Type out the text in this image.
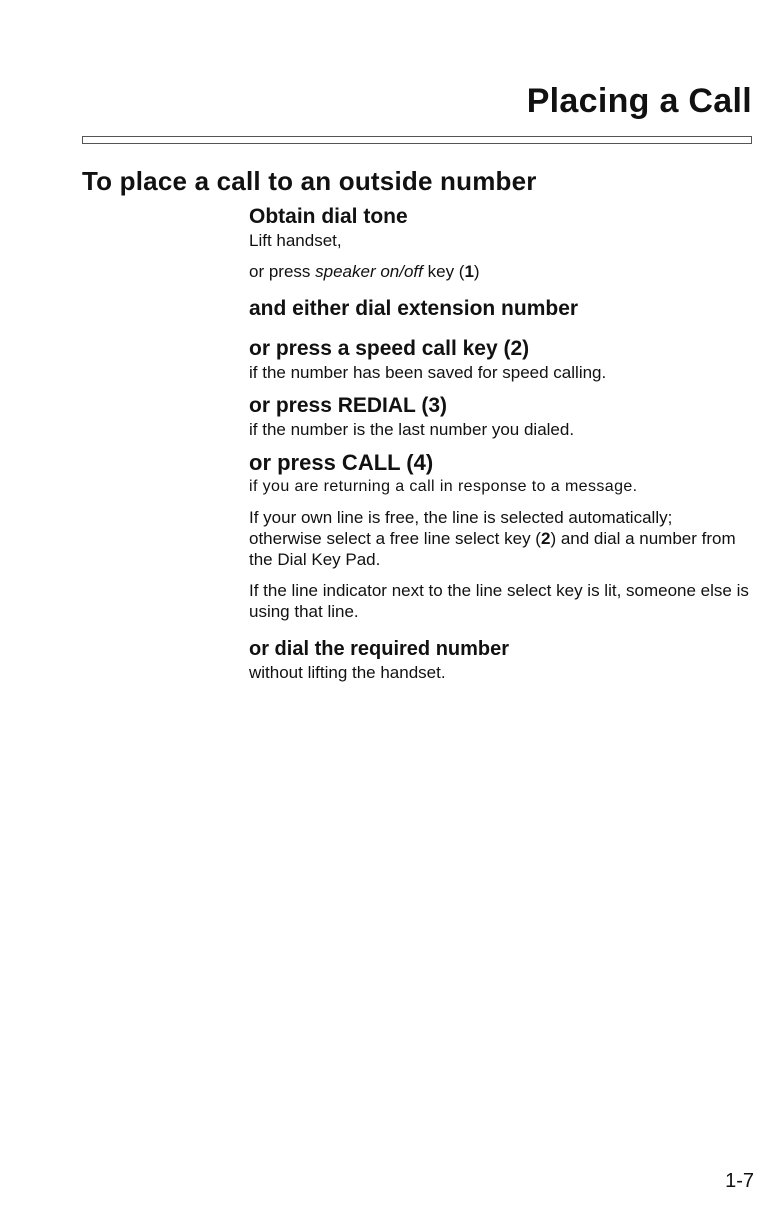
Placing a Call
To place a call to an outside number

Obtain dial tone

Lift handset,

or press speaker on/off key (1)

and either dial extension number

or press a speed call key (2)

if the number has been saved for speed calling.

or press REDIAL (3)

if the number is the last number you dialed.

or press CALL (4)

if you are returning a call in response to a message.

If your own line is free, the line is selected automatically; otherwise select a free line select key (2) and dial a number from the Dial Key Pad.

If the line indicator next to the line select key is lit, someone else is using that line.

or dial the required number

without lifting the handset.

1-7
